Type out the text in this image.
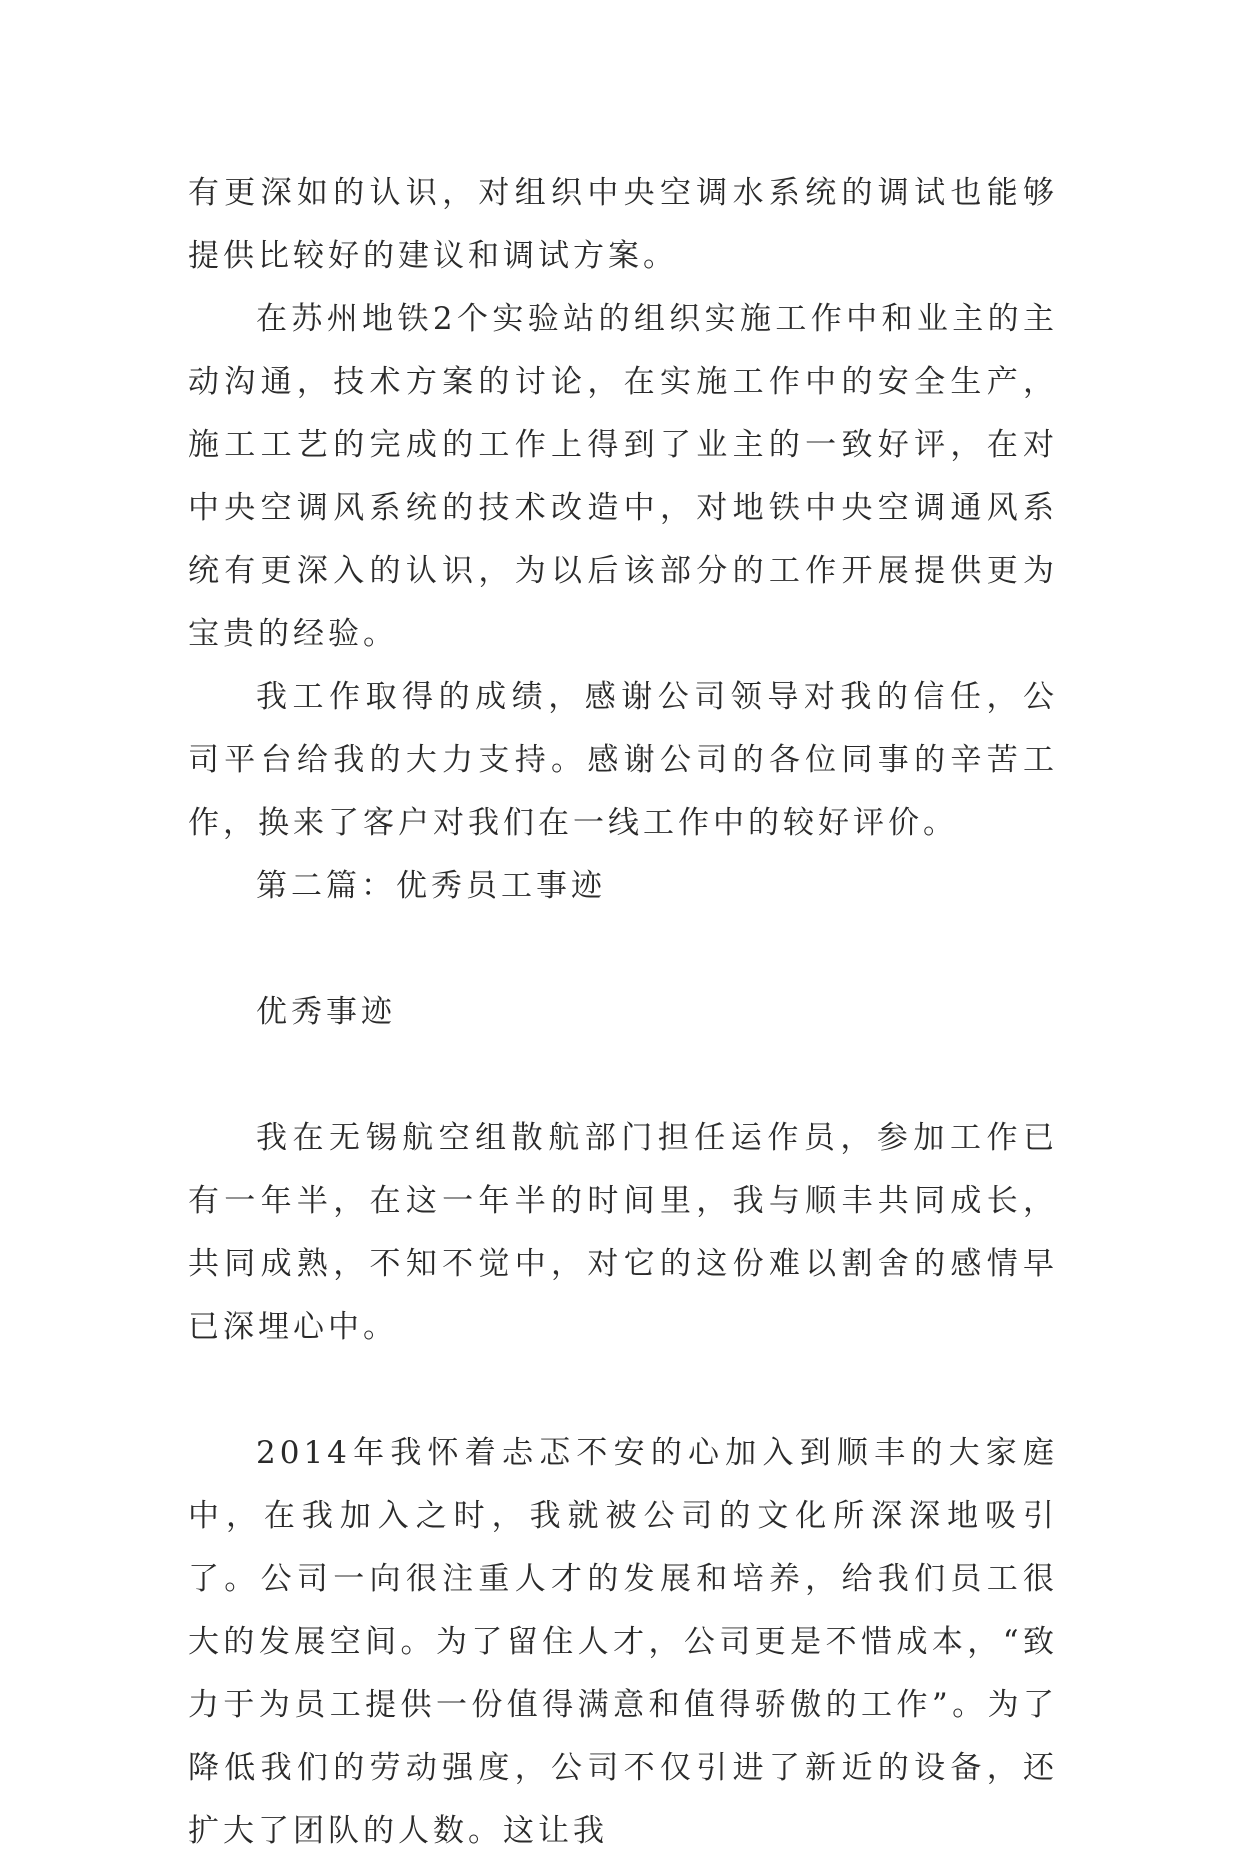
有更深如的认识，对组织中央空调水系统的调试也能够提供比较好的建议和调试方案。

在苏州地铁2个实验站的组织实施工作中和业主的主动沟通，技术方案的讨论，在实施工作中的安全生产，施工工艺的完成的工作上得到了业主的一致好评，在对中央空调风系统的技术改造中，对地铁中央空调通风系统有更深入的认识，为以后该部分的工作开展提供更为宝贵的经验。

我工作取得的成绩，感谢公司领导对我的信任，公司平台给我的大力支持。感谢公司的各位同事的辛苦工作，换来了客户对我们在一线工作中的较好评价。

第二篇：优秀员工事迹

优秀事迹

我在无锡航空组散航部门担任运作员，参加工作已有一年半，在这一年半的时间里，我与顺丰共同成长，共同成熟，不知不觉中，对它的这份难以割舍的感情早已深埋心中。

2014年我怀着忐忑不安的心加入到顺丰的大家庭中，在我加入之时，我就被公司的文化所深深地吸引了。公司一向很注重人才的发展和培养，给我们员工很大的发展空间。为了留住人才，公司更是不惜成本，“致力于为员工提供一份值得满意和值得骄傲的工作”。为了降低我们的劳动强度，公司不仅引进了新近的设备，还扩大了团队的人数。这让我
